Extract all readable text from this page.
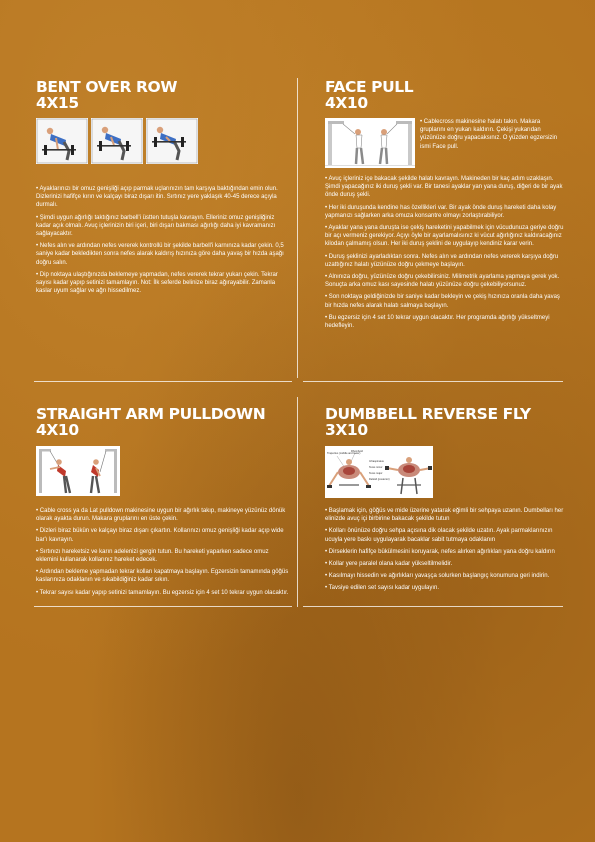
BENT OVER ROW
4X15

• Ayaklarınızı bir omuz genişliği açıp parmak uçlarınızın tam karşıya baktığından emin olun. Dizlerinizi hafifçe kırın ve kalçayı biraz dışarı itin. Sırtınız yere yaklaşık 40-45 derece açıyla durmalı.

• Şimdi uygun ağırlığı taktığınız barbell'i üstten tutuşla kavrayın. Elleriniz omuz genişliğiniz kadar açık olmalı. Avuç içlerinizin biri içeri, biri dışarı bakması ağırlığı daha iyi kavramanızı sağlayacaktır.

• Nefes alın ve ardından nefes vererek kontrollü bir şekilde barbell'i karnınıza kadar çekin. 0,5 saniye kadar bekledikten sonra nefes alarak kaldırış hızınıza göre daha yavaş bir hızda aşağı doğru salın.

• Dip noktaya ulaştığınızda beklemeye yapmadan, nefes vererek tekrar yukarı çekin. Tekrar sayısı kadar yapıp setinizi tamamlayın. Not: İlk seferde belinize biraz ağırayabilir. Zamanla kaslar uyum sağlar ve ağrı hissedilmez.

FACE PULL
4X10
• Cablecross makinesine halatı takın. Makara gruplarını en yukarı kaldırın. Çekişi yukarıdan yüzünüze doğru yapacaksınız. O yüzden egzersizin ismi Face pull.

• Avuç içleriniz içe bakacak şekilde halatı kavrayın. Makineden bir kaç adım uzaklaşın. Şimdi yapacağınız iki duruş şekli var. Bir tanesi ayaklar yan yana duruş, diğeri de bir ayak önde duruş şekli.

• Her iki duruşunda kendine has özellikleri var. Bir ayak önde duruş hareketi daha kolay yapmanızı sağlarken arka omuza konsantre olmayı zorlaştırabiliyor.

• Ayaklar yana yana duruşta ise çekiş hareketini yapabilmek için vücudunuza geriye doğru bir açı vermeniz gerekiyor. Açıyı öyle bir ayarlamalısınız ki vücut ağırlığınız kaldıracağınız kilodan çalmamış olsun. Her iki duruş şeklini de uygulayıp kendiniz karar verin.

• Duruş şeklinizi ayarladıktan sonra. Nefes alın ve ardından nefes vererek karşıya doğru uzattığınız halatı yüzünüze doğru çekmeye başlayın.

• Alnınıza doğru, yüzünüze doğru çekebilirsiniz. Milimetrik ayarlama yapmaya gerek yok. Sonuçta arka omuz kası sayesinde halatı yüzünüze doğru çekebiliyorsunuz.

• Son noktaya geldiğinizde bir saniye kadar bekleyin ve çekiş hızınıza oranla daha yavaş bir hızda nefes alarak halatı salmaya başlayın.

• Bu egzersiz için 4 set 10 tekrar uygun olacaktır. Her programda ağırlığı yükseltmeyi hedefleyin.

STRAIGHT ARM PULLDOWN
4X10

• Cable cross ya da Lat pulldown makinesine uygun bir ağırlık takıp, makineye yüzünüz dönük olarak ayakta durun. Makara gruplarını en üste çekin.

• Dizleri biraz bükün ve kalçayı biraz dışarı çıkartın. Kollarınızı omuz genişliği kadar açıp wide bar'ı kavrayın.

• Sırtınızı hareketsiz ve karın adelenizi gergin tutun. Bu hareketi yaparken sadece omuz eklemini kullanarak kollarınız hareket edecek.

• Ardından bekleme yapmadan tekrar kolları kapatmaya başlayın. Egzersizin tamamında göğüs kaslarınıza odaklanın ve sıkabildiğiniz kadar sıkın.

• Tekrar sayısı kadar yapıp setinizi tamamlayın. Bu egzersiz için 4 set 10 tekrar uygun olacaktır.

DUMBBELL REVERSE FLY
3X10
Trapezius (middle and lower)
Rhomboid
Infraspinatus
Teres minor
Teres major
Deltoid (posterior)

• Başlamak için, göğüs ve mide üzerine yatarak eğimli bir sehpaya uzanın. Dumbelları her elinizde avuç içi birbirine bakacak şekilde tutun

• Kolları önünüze doğru sehpa açısına dik olacak şekilde uzatın. Ayak parmaklarınızın ucuyla yere baskı uygulayarak bacaklar sabit tutmaya odaklanın

• Dirseklerin hafifçe bükülmesini koruyarak, nefes alırken ağırlıkları yana doğru kaldırın

• Kollar yere paralel olana kadar yükseltilmelidir.

• Kasılmayı hissedin ve ağırlıkları yavaşça solurken başlangıç konumuna geri indirin.

• Tavsiye edilen set sayısı kadar uygulayın.
